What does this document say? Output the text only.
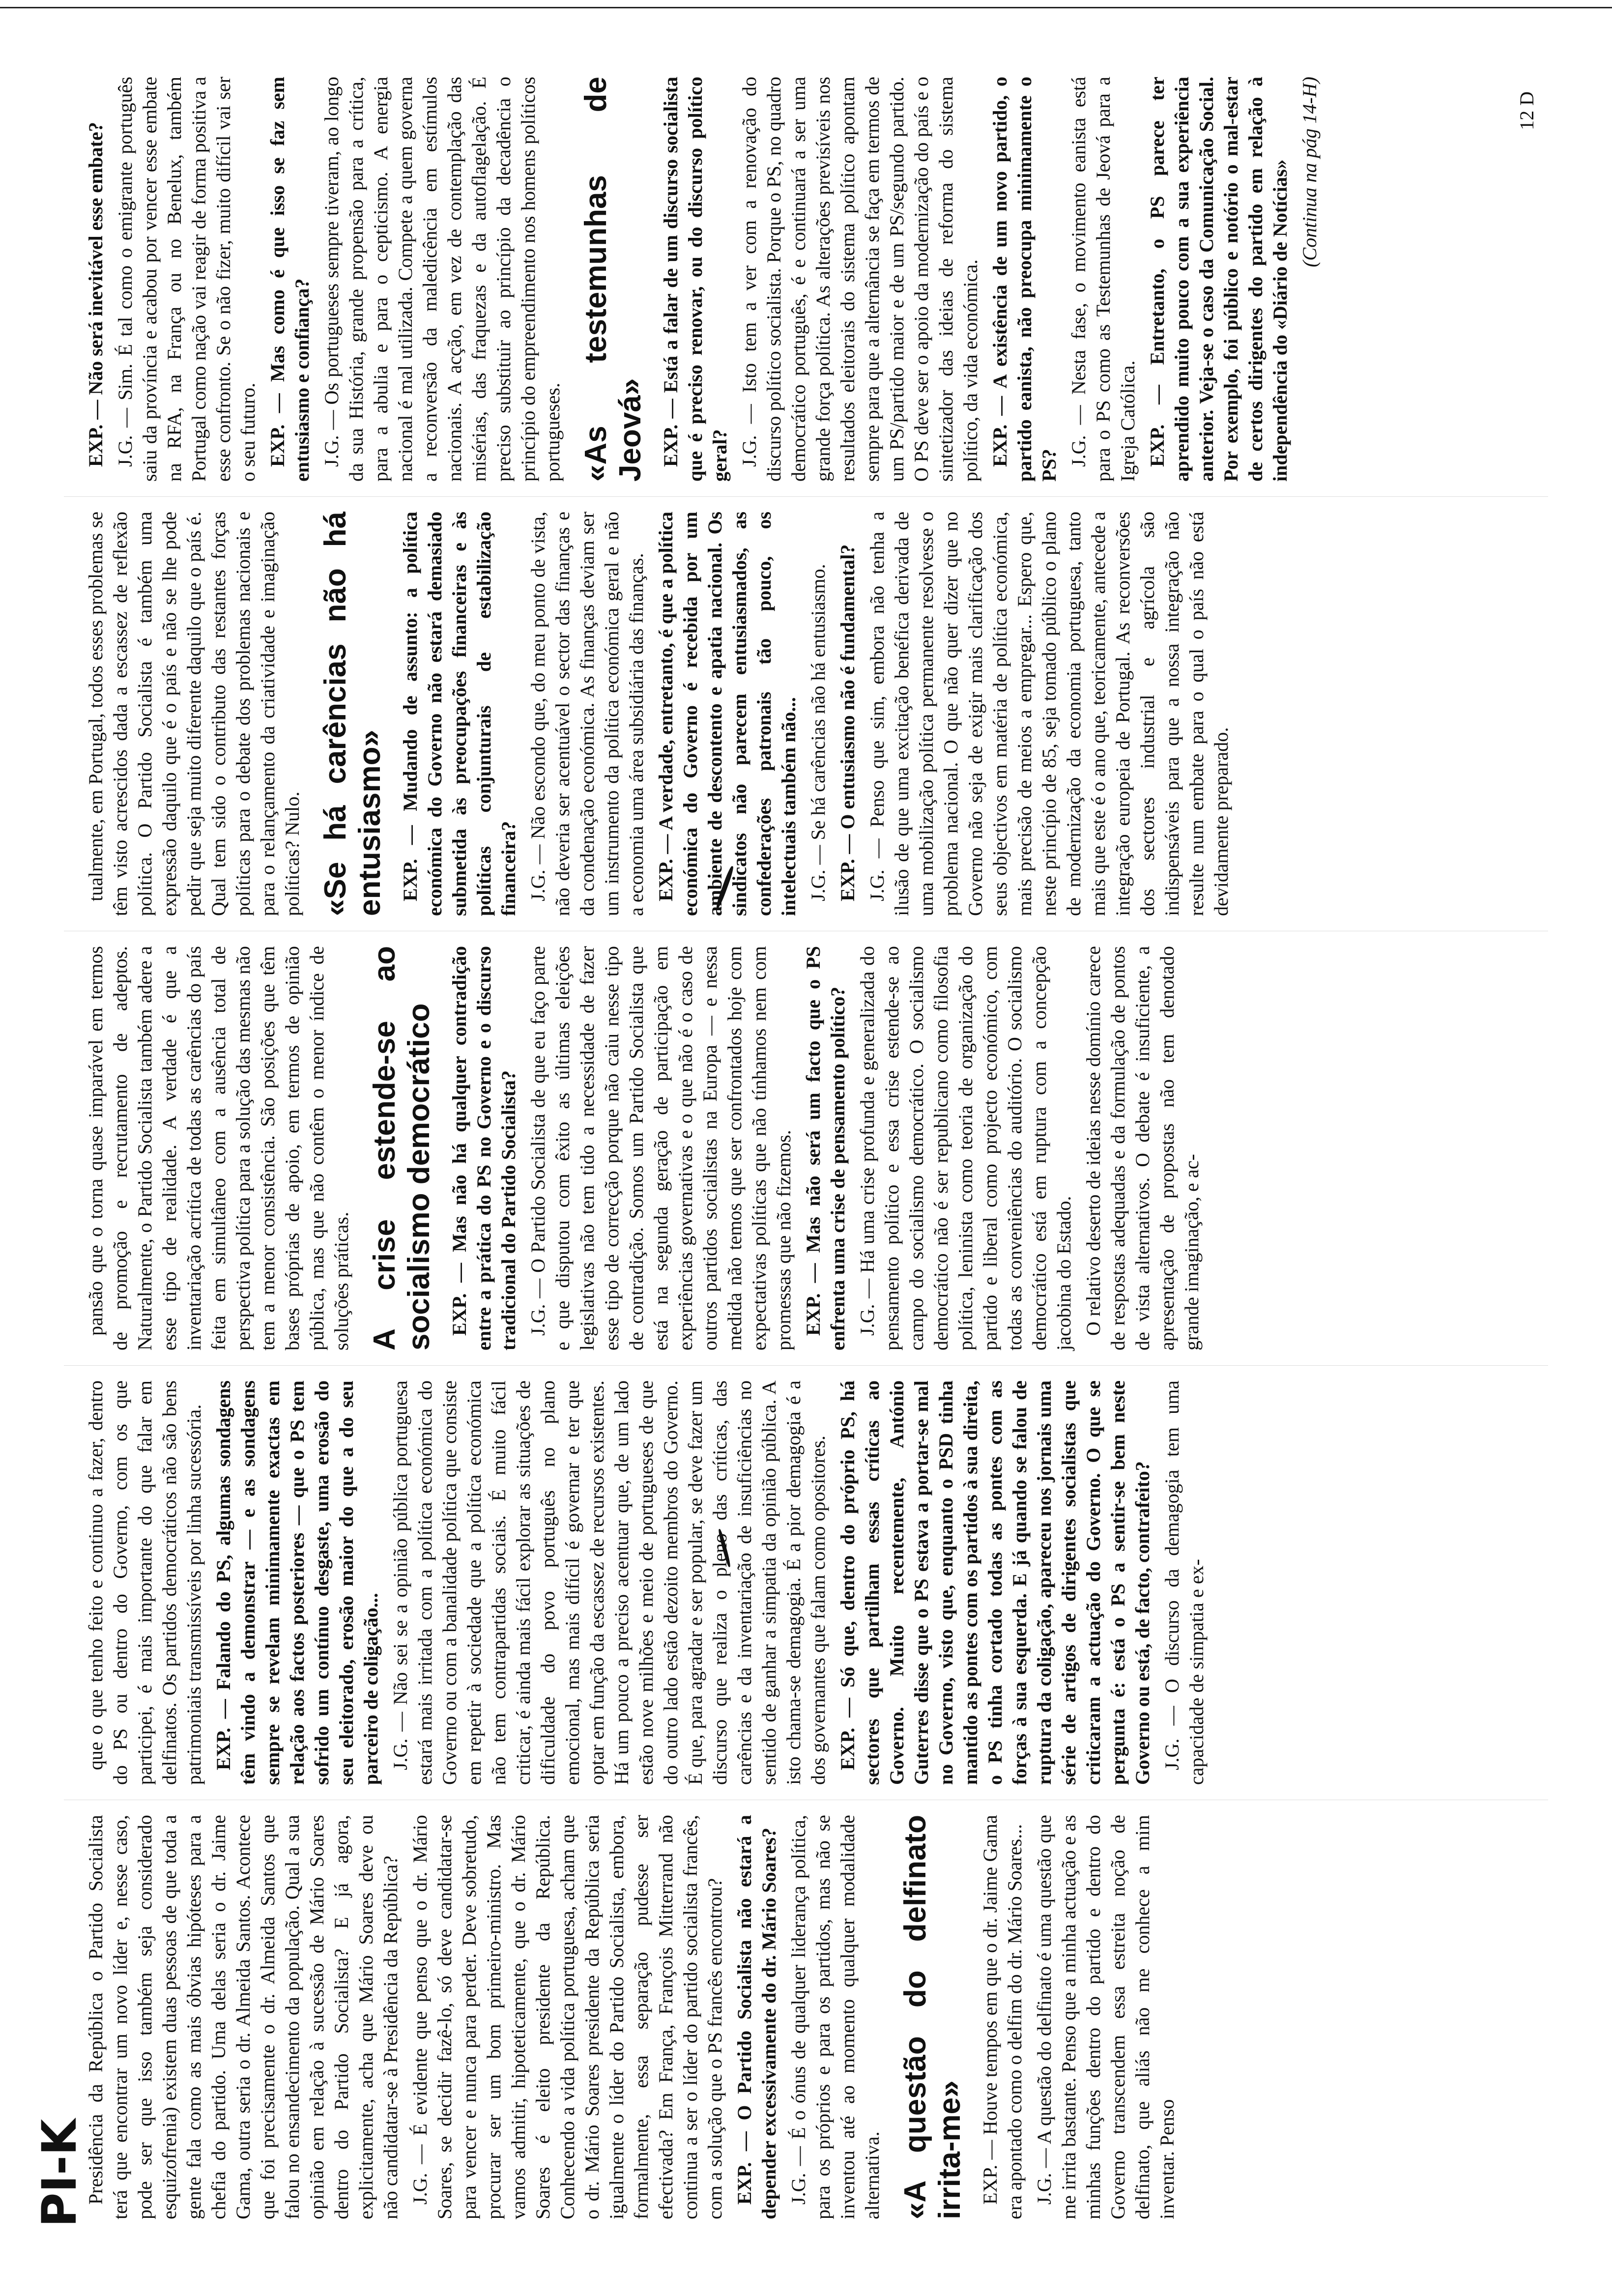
PI-K

Presidência da República o Partido Socialista terá que encontrar um novo líder e, nesse caso, pode ser que isso também seja considerado esquizofrenia) existem duas pessoas de que toda a gente fala como as mais óbvias hipóteses para a chefia do partido. Uma delas seria o dr. Jaime Gama, outra seria o dr. Almeida Santos. Acontece que foi precisamente o dr. Almeida Santos que falou no ensandecimento da população. Qual a sua opinião em relação à sucessão de Mário Soares dentro do Partido Socialista? E já agora, explicitamente, acha que Mário Soares deve ou não candidatar-se à Presidência da República? J.G. — É evidente que penso que o dr. Mário Soares, se decidir fazê-lo, só deve candidatar-se para vencer e nunca para perder. Deve sobretudo, procurar ser um bom primeiro-ministro. Mas vamos admitir, hipoteticamente, que o dr. Mário Soares é eleito presidente da República. Conhecendo a vida política portuguesa, acham que o dr. Mário Soares presidente da República seria igualmente o líder do Partido Socialista, embora, formalmente, essa separação pudesse ser efectivada? Em França, François Mitterrand não continua a ser o líder do partido socialista francês, com a solução que o PS francês encontrou? EXP. — O Partido Socialista não estará a depender excessivamente do dr. Mário Soares? J.G. — É o ónus de qualquer liderança política, para os próprios e para os partidos, mas não se inventou até ao momento qualquer modalidade alternativa. «A questão do delfinato irrita-me» EXP. — Houve tempos em que o dr. Jaime Gama era apontado como o delfim do dr. Mário Soares... J.G. — A questão do delfinato é uma questão que me irrita bastante. Penso que a minha actuação e as minhas funções dentro do partido e dentro do Governo transcendem essa estreita noção de delfinato, que aliás não me conhece a mim inventar. Penso

que o que tenho feito e continuo a fazer, dentro do PS ou dentro do Governo, com os que participei, é mais importante do que falar em delfinatos. Os partidos democráticos não são bens patrimoniais transmissíveis por linha sucessória. EXP. — Falando do PS, algumas sondagens têm vindo a demonstrar — e as sondagens sempre se revelam minimamente exactas em relação aos factos posteriores — que o PS tem sofrido um contínuo desgaste, uma erosão do seu eleitorado, erosão maior do que a do seu parceiro de coligação... J.G. — Não sei se a opinião pública portuguesa estará mais irritada com a política económica do Governo ou com a banalidade política que consiste em repetir à sociedade que a política económica não tem contrapartidas sociais. É muito fácil criticar, é ainda mais fácil explorar as situações de dificuldade do povo português no plano emocional, mas mais difícil é governar e ter que optar em função da escassez de recursos existentes. Há um pouco a preciso acentuar que, de um lado estão nove milhões e meio de portugueses de que do outro lado estão dezoito membros do Governo. É que, para agradar e ser popular, se deve fazer um discurso que realiza o pleno das críticas, das carências e da inventariação de insuficiências no sentido de ganhar a simpatia da opinião pública. A isto chama-se demagogia. É a pior demagogia é a dos governantes que falam como opositores. EXP. — Só que, dentro do próprio PS, há sectores que partilham essas críticas ao Governo. Muito recentemente, António Guterres disse que o PS estava a portar-se mal no Governo, visto que, enquanto o PSD tinha mantido as pontes com os partidos à sua direita, o PS tinha cortado todas as pontes com as forças à sua esquerda. E já quando se falou de ruptura da coligação, apareceu nos jornais uma série de artigos de dirigentes socialistas que criticaram a actuação do Governo. O que se pergunta é: está o PS a sentir-se bem neste Governo ou está, de facto, contrafeito? J.G. — O discurso da demagogia tem uma capacidade de simpatia e ex-

pansão que o torna quase imparável em termos de promoção e recrutamento de adeptos. Naturalmente, o Partido Socialista também adere a esse tipo de realidade. A verdade é que a inventariação acrítica de todas as carências do país feita em simultâneo com a ausência total de perspectiva política para a solução das mesmas não tem a menor consistência. São posições que têm bases próprias de apoio, em termos de opinião pública, mas que não contêm o menor índice de soluções práticas. A crise estende-se ao socialismo democrático EXP. — Mas não há qualquer contradição entre a prática do PS no Governo e o discurso tradicional do Partido Socialista? J.G. — O Partido Socialista de que eu faço parte e que disputou com êxito as últimas eleições legislativas não tem tido a necessidade de fazer esse tipo de correcção porque não caiu nesse tipo de contradição. Somos um Partido Socialista que está na segunda geração de participação em experiências governativas e o que não é o caso de outros partidos socialistas na Europa — e nessa medida não temos que ser confrontados hoje com expectativas políticas que não tínhamos nem com promessas que não fizemos. EXP. — Mas não será um facto que o PS enfrenta uma crise de pensamento político? J.G. — Há uma crise profunda e generalizada do pensamento político e essa crise estende-se ao campo do socialismo democrático. O socialismo democrático não é ser republicano como filosofia política, leninista como teoria de organização do partido e liberal como projecto económico, com todas as conveniências do auditório. O socialismo democrático está em ruptura com a concepção jacobina do Estado. O relativo deserto de ideias nesse domínio carece de respostas adequadas e da formulação de pontos de vista alternativos. O debate é insuficiente, a apresentação de propostas não tem denotado grande imaginação, e ac-

tualmente, em Portugal, todos esses problemas se têm visto acrescidos dada a escassez de reflexão política. O Partido Socialista é também uma expressão daquilo que é o país e não se lhe pode pedir que seja muito diferente daquilo que o país é. Qual tem sido o contributo das restantes forças políticas para o debate dos problemas nacionais e para o relançamento da criatividade e imaginação políticas? Nulo. «Se há carências não há entusiasmo» EXP. — Mudando de assunto: a política económica do Governo não estará demasiado submetida às preocupações financeiras e às políticas conjunturais de estabilização financeira? J.G. — Não escondo que, do meu ponto de vista, não deveria ser acentuável o sector das finanças e da condenação económica. As finanças deviam ser um instrumento da política económica geral e não a economia uma área subsidiária das finanças. EXP. — A verdade, entretanto, é que a política económica do Governo é recebida por um ambiente de descontento e apatia nacional. Os sindicatos não parecem entusiasmados, as confederações patronais tão pouco, os intelectuais também não... J.G. — Se há carências não há entusiasmo. EXP. — O entusiasmo não é fundamental? J.G. — Penso que sim, embora não tenha a ilusão de que uma excitação benéfica derivada de uma mobilização política permanente resolvesse o problema nacional. O que não quer dizer que no Governo não seja de exigir mais clarificação dos seus objectivos em matéria de política económica, mais precisão de meios a empregar... Espero que, neste princípio de 85, seja tomado público o plano de modernização da economia portuguesa, tanto mais que este é o ano que, teoricamente, antecede a integração europeia de Portugal. As reconversões dos sectores industrial e agrícola são indispensáveis para que a nossa integração não resulte num embate para o qual o país não está devidamente preparado.

EXP. — Não será inevitável esse embate? J.G. — Sim. É tal como o emigrante português saiu da província e acabou por vencer esse embate na RFA, na França ou no Benelux, também Portugal como nação vai reagir de forma positiva a esse confronto. Se o não fizer, muito difícil vai ser o seu futuro. EXP. — Mas como é que isso se faz sem entusiasmo e confiança? J.G. — Os portugueses sempre tiveram, ao longo da sua História, grande propensão para a crítica, para a abulia e para o cepticismo. A energia nacional é mal utilizada. Compete a quem governa a reconversão da maledicência em estímulos nacionais. A acção, em vez de contemplação das misérias, das fraquezas e da autoflagelação. É preciso substituir ao princípio da decadência o princípio do empreendimento nos homens políticos portugueses. «As testemunhas de Jeová» EXP. — Está a falar de um discurso socialista que é preciso renovar, ou do discurso político geral? J.G. — Isto tem a ver com a renovação do discurso político socialista. Porque o PS, no quadro democrático português, é e continuará a ser uma grande força política. As alterações previsíveis nos resultados eleitorais do sistema político apontam sempre para que a alternância se faça em termos de um PS/partido maior e de um PS/segundo partido. O PS deve ser o apoio da modernização do país e o sintetizador das ideias de reforma do sistema político, da vida económica. EXP. — A existência de um novo partido, o partido eanista, não preocupa minimamente o PS? J.G. — Nesta fase, o movimento eanista está para o PS como as Testemunhas de Jeová para a Igreja Católica. EXP. — Entretanto, o PS parece ter aprendido muito pouco com a sua experiência anterior. Veja-se o caso da Comunicação Social. Por exemplo, foi público e notório o mal-estar de certos dirigentes do partido em relação à independência do «Diário de Notícias» (Continua na pág 14-H)	12 D
